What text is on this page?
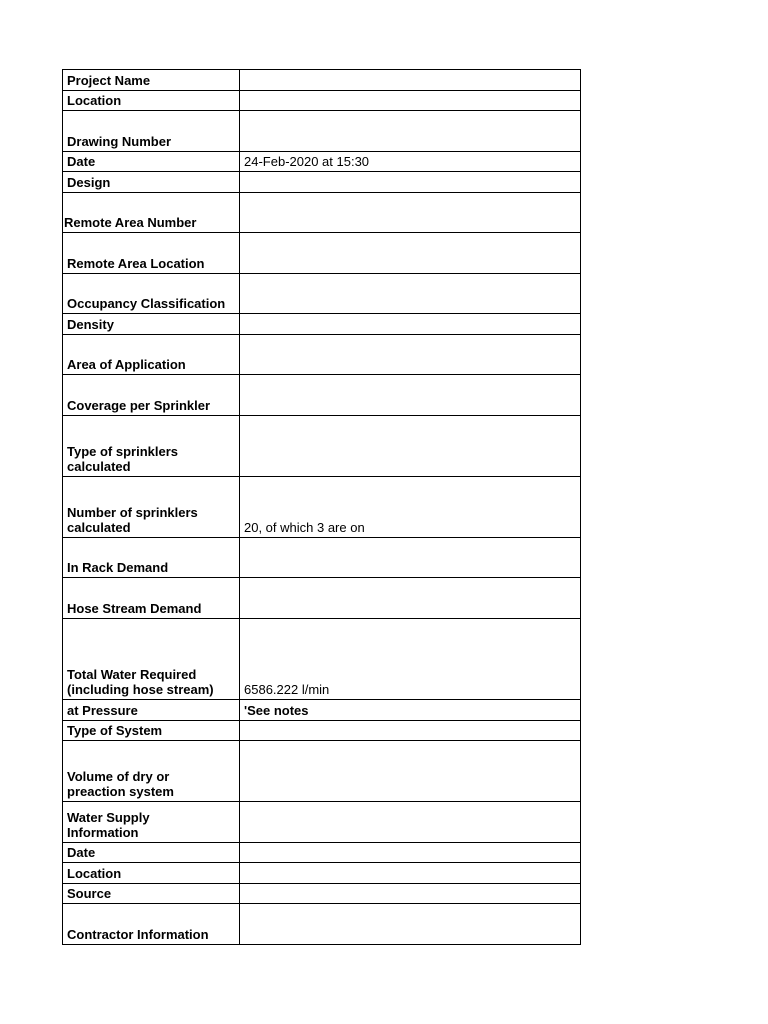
Project Name	
Location	
Drawing Number	
Date	24-Feb-2020 at 15:30
Design	
Remote Area Number	
Remote Area Location	
Occupancy Classification	
Density	
Area of Application	
Coverage per Sprinkler	

Type of sprinklers
calculated	

Number of sprinklers
calculated	20, of which 3 are on
In Rack Demand	
Hose Stream Demand	

Total Water Required
(including hose stream)	6586.222 l/min
at Pressure	'See notes
Type of System	

Volume of dry or
preaction system	

Water Supply
Information	

Date	
Location	
Source	
Contractor Information	
